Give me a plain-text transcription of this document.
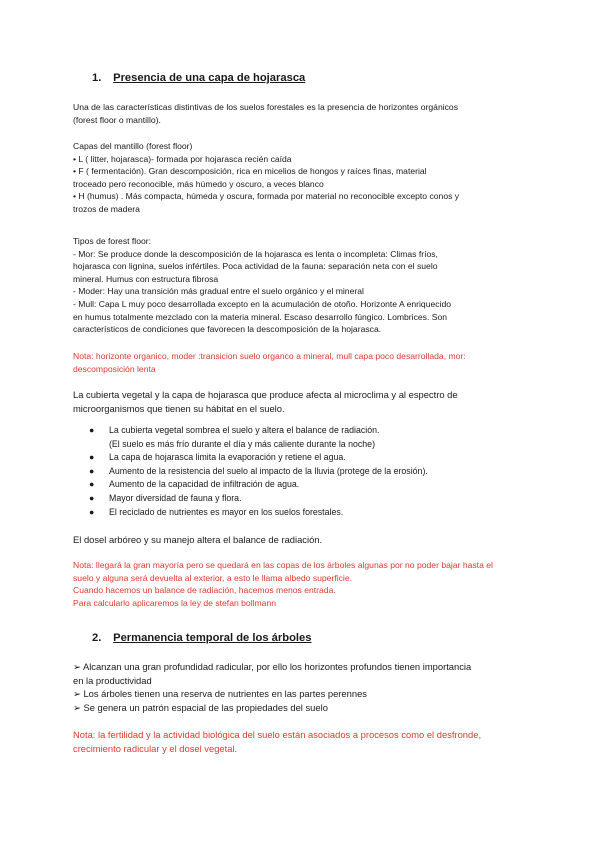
1. Presencia de una capa de hojarasca
Una de las características distintivas de los suelos forestales es la presencia de horizontes orgánicos
(forest floor o mantillo).
Capas del mantillo (forest floor)
• L ( litter, hojarasca)- formada por hojarasca recién caída
• F ( fermentación). Gran descomposición, rica en micelios de hongos y raíces finas, material
troceado pero reconocible, más húmedo y oscuro, a veces blanco
• H (humus) . Más compacta, húmeda y oscura, formada por material no reconocible excepto conos y
trozos de madera
Tipos de forest floor:
- Mor: Se produce donde la descomposición de la hojarasca es lenta o incompleta: Climas fríos,
hojarasca con lignina, suelos infértiles. Poca actividad de la fauna: separación neta con el suelo
mineral. Humus con estructura fibrosa
- Moder: Hay una transición más gradual entre el suelo orgánico y el mineral
- Mull: Capa L muy poco desarrollada excepto en la acumulación de otoño. Horizonte A enriquecido
en humus totalmente mezclado con la materia mineral. Escaso desarrollo fúngico. Lombrices. Son
característicos de condiciones que favorecen la descomposición de la hojarasca.
Nota: horizonte organico, moder :transicion suelo organco a mineral, mull capa poco desarrollada, mor:
descomposición lenta
La cubierta vegetal y la capa de hojarasca que produce afecta al microclima y al espectro de
microorganismos que tienen su hábitat en el suelo.
● La cubierta vegetal sombrea el suelo y altera el balance de radiación.
(El suelo es más frío durante el día y más caliente durante la noche)
● La capa de hojarasca limita la evaporación y retiene el agua.
● Aumento de la resistencia del suelo al impacto de la lluvia (protege de la erosión).
● Aumento de la capacidad de infiltración de agua.
● Mayor diversidad de fauna y flora.
● El reciclado de nutrientes es mayor en los suelos forestales.
El dosel arbóreo y su manejo altera el balance de radiación.
Nota: llegará la gran mayoría pero se quedará en las copas de los árboles algunas por no poder bajar hasta el
suelo y alguna será devuelta al exterior, a esto le llama albedo superficie.
Cuando hacemos un balance de radiación, hacemos menos entrada.
Para calcularlo aplicaremos la ley de stefan bollmann
2. Permanencia temporal de los árboles
➢ Alcanzan una gran profundidad radicular, por ello los horizontes profundos tienen importancia
en la productividad
➢ Los árboles tienen una reserva de nutrientes en las partes perennes
➢ Se genera un patrón espacial de las propiedades del suelo
Nota: la fertilidad y la actividad biológica del suelo están asociados a procesos como el desfronde,
crecimiento radicular y el dosel vegetal.
